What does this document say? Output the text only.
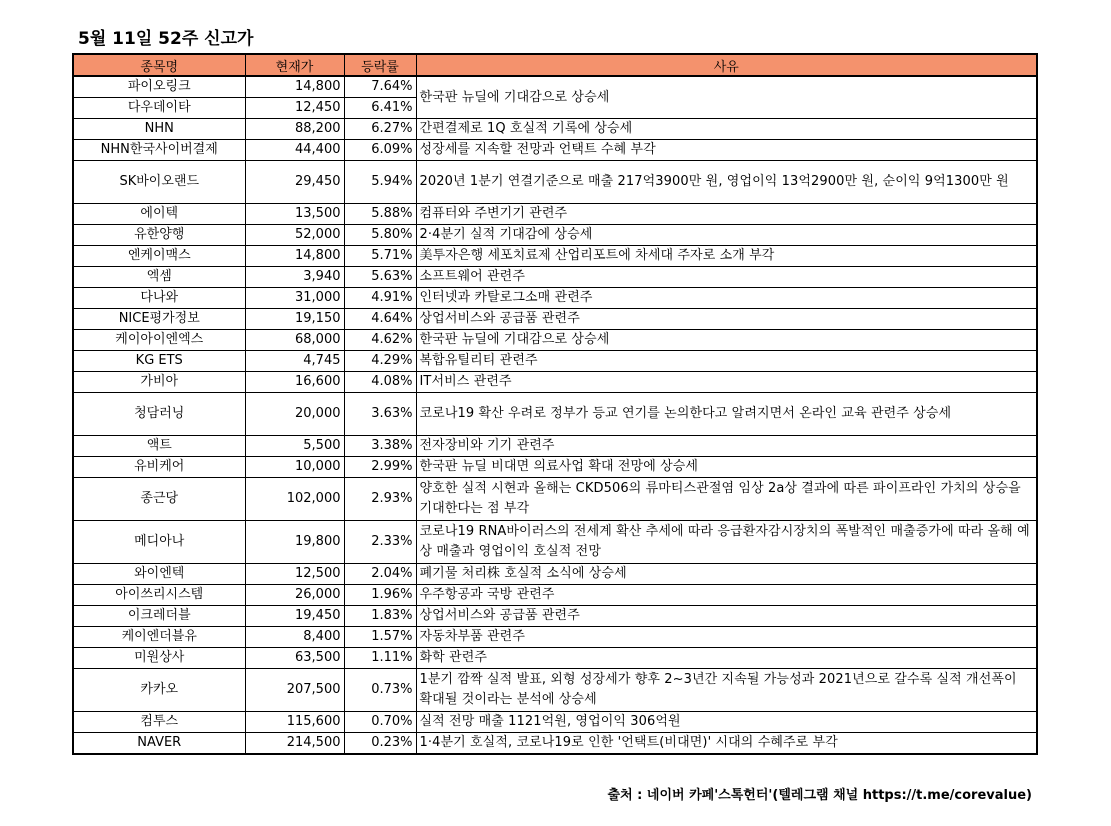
5월 11일 52주 신고가
종목명	현재가	등락률	사유
파이오링크	14,800	7.64%	한국판 뉴딜에 기대감으로 상승세
다우데이타	12,450	6.41%	
NHN	88,200	6.27%	간편결제로 1Q 호실적 기록에 상승세
NHN한국사이버결제	44,400	6.09%	성장세를 지속할 전망과 언택트 수혜 부각
SK바이오랜드	29,450	5.94%	2020년 1분기 연결기준으로 매출 217억3900만 원, 영업이익 13억2900만 원, 순이익 9억1300만 원
에이텍	13,500	5.88%	컴퓨터와 주변기기 관련주
유한양행	52,000	5.80%	2·4분기 실적 기대감에 상승세
엔케이맥스	14,800	5.71%	美투자은행 세포치료제 산업리포트에 차세대 주자로 소개 부각
엑셈	3,940	5.63%	소프트웨어 관련주
다나와	31,000	4.91%	인터넷과 카탈로그소매 관련주
NICE평가정보	19,150	4.64%	상업서비스와 공급품 관련주
케이아이엔엑스	68,000	4.62%	한국판 뉴딜에 기대감으로 상승세
KG ETS	4,745	4.29%	복합유틸리티 관련주
가비아	16,600	4.08%	IT서비스 관련주
청담러닝	20,000	3.63%	코로나19 확산 우려로 정부가 등교 연기를 논의한다고 알려지면서 온라인 교육 관련주 상승세
액트	5,500	3.38%	전자장비와 기기 관련주
유비케어	10,000	2.99%	한국판 뉴딜 비대면 의료사업 확대 전망에 상승세
종근당	102,000	2.93%	양호한 실적 시현과 올해는 CKD506의 류마티스관절염 임상 2a상 결과에 따른 파이프라인 가치의 상승을 기대한다는 점 부각
메디아나	19,800	2.33%	코로나19 RNA바이러스의 전세계 확산 추세에 따라 응급환자감시장치의 폭발적인 매출증가에 따라 올해 예상 매출과 영업이익 호실적 전망
와이엔텍	12,500	2.04%	폐기물 처리株 호실적 소식에 상승세
아이쓰리시스템	26,000	1.96%	우주항공과 국방 관련주
이크레더블	19,450	1.83%	상업서비스와 공급품 관련주
케이엔더블유	8,400	1.57%	자동차부품 관련주
미원상사	63,500	1.11%	화학 관련주
카카오	207,500	0.73%	1분기 깜짝 실적 발표, 외형 성장세가 향후 2~3년간 지속될 가능성과 2021년으로 갈수록 실적 개선폭이 확대될 것이라는 분석에 상승세
컴투스	115,600	0.70%	실적 전망 매출 1121억원, 영업이익 306억원
NAVER	214,500	0.23%	1·4분기 호실적, 코로나19로 인한 '언택트(비대면)' 시대의 수혜주로 부각
출처 : 네이버 카페'스톡헌터'(텔레그램 채널 https://t.me/corevalue)
